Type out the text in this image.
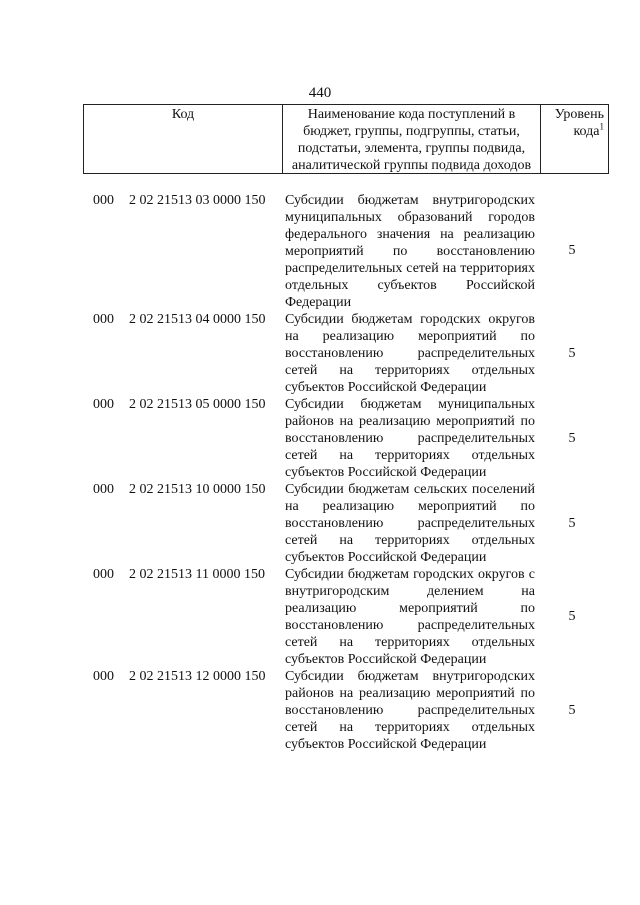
440
Код	Наименование кода поступлений в бюджет, группы, подгруппы, статьи, подстатьи, элемента, группы подвида, аналитической группы подвида доходов
Уровень кода$^1$
000 2 02 21513 03 0000 150 Субсидии бюджетам внутригородских муниципальных образований городов федерального значения на реализацию мероприятий по восстановлению распределительных сетей на территориях отдельных субъектов Российской Федерации
5
000 2 02 21513 04 0000 150 Субсидии бюджетам городских округов на реализацию мероприятий по восстановлению распределительных сетей на территориях отдельных субъектов Российской Федерации
5
000 2 02 21513 05 0000 150 Субсидии бюджетам муниципальных районов на реализацию мероприятий по восстановлению распределительных сетей на территориях отдельных субъектов Российской Федерации
5
000 2 02 21513 10 0000 150 Субсидии бюджетам сельских поселений на реализацию мероприятий по восстановлению распределительных сетей на территориях отдельных субъектов Российской Федерации
5
000 2 02 21513 11 0000 150 Субсидии бюджетам городских округов с внутригородским делением на реализацию мероприятий по восстановлению распределительных сетей на территориях отдельных субъектов Российской Федерации
5
000 2 02 21513 12 0000 150 Субсидии бюджетам внутригородских районов на реализацию мероприятий по восстановлению распределительных сетей на территориях отдельных субъектов Российской Федерации
5
